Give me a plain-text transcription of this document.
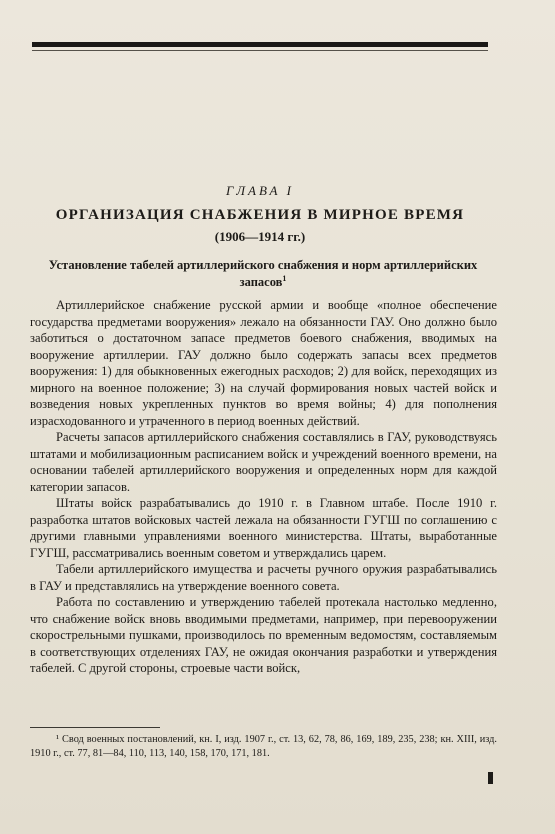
ГЛАВА I
ОРГАНИЗАЦИЯ СНАБЖЕНИЯ В МИРНОЕ ВРЕМЯ
(1906—1914 гг.)
Установление табелей артиллерийского снабжения и норм артиллерийских запасов$^1$

Артиллерийское снабжение русской армии и вообще «полное обеспечение государства предметами вооружения» лежало на обязанности ГАУ. Оно должно было заботиться о достаточном запасе предметов боевого снабжения, вводимых на вооружение артиллерии. ГАУ должно было содержать запасы всех предметов вооружения: 1) для обыкновенных ежегодных расходов; 2) для войск, переходящих из мирного на военное положение; 3) на случай формирования новых частей войск и возведения новых укрепленных пунктов во время войны; 4) для пополнения израсходованного и утраченного в период военных действий.

Расчеты запасов артиллерийского снабжения составлялись в ГАУ, руководствуясь штатами и мобилизационным расписанием войск и учреждений военного времени, на основании табелей артиллерийского вооружения и определенных норм для каждой категории запасов.

Штаты войск разрабатывались до 1910 г. в Главном штабе. После 1910 г. разработка штатов войсковых частей лежала на обязанности ГУГШ по соглашению с другими главными управлениями военного министерства. Штаты, выработанные ГУГШ, рассматривались военным советом и утверждались царем.

Табели артиллерийского имущества и расчеты ручного оружия разрабатывались в ГАУ и представлялись на утверждение военного совета.

Работа по составлению и утверждению табелей протекала настолько медленно, что снабжение войск вновь вводимыми предметами, например, при перевооружении скорострельными пушками, производилось по временным ведомостям, составляемым в соответствующих отделениях ГАУ, не ожидая окончания разработки и утверждения табелей. С другой стороны, строевые части войск,

¹ Свод военных постановлений, кн. I, изд. 1907 г., ст. 13, 62, 78, 86, 169, 189, 235, 238; кн. XIII, изд. 1910 г., ст. 77, 81—84, 110, 113, 140, 158, 170, 171, 181.
